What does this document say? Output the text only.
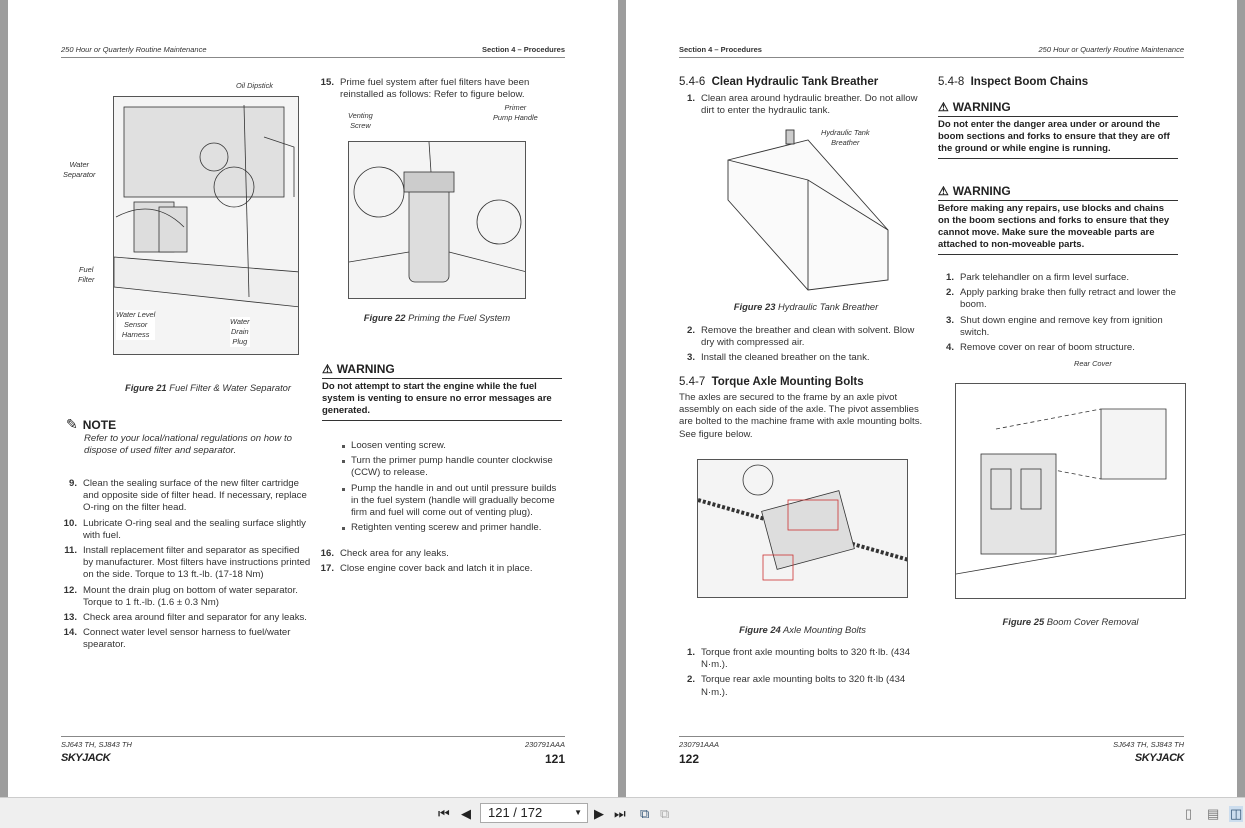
250 Hour or Quarterly Routine Maintenance	Section 4 – Procedures
Oil Dipstick
Water
Separator
Fuel
Filter
Water Level
Sensor
Harness
Water
Drain
Plug
Figure 21 Fuel Filter & Water Separator
✎ NOTE
Refer to your local/national regulations on how to dispose of used filter and separator.
9. Clean the sealing surface of the new filter cartridge and opposite side of filter head. If necessary, replace O-ring on the filter head.
10. Lubricate O-ring seal and the sealing surface slightly with fuel.
11. Install replacement filter and separator as specified by manufacturer. Most filters have instructions printed on the side. Torque to 13 ft.-lb. (17-18 Nm)
12. Mount the drain plug on bottom of water separator. Torque to 1 ft.-lb. (1.6 ± 0.3 Nm)
13. Check area around filter and separator for any leaks.
14. Connect water level sensor harness to fuel/water spearator.
15. Prime fuel system after fuel filters have been reinstalled as follows: Refer to figure below.
Venting
Screw
Primer
Pump Handle
Figure 22 Priming the Fuel System
⚠ WARNING
Do not attempt to start the engine while the fuel system is venting to ensure no error messages are generated.
Loosen venting screw.
Turn the primer pump handle counter clockwise (CCW) to release.
Pump the handle in and out until pressure builds in the fuel system (handle will gradually become firm and fuel will come out of venting plug).
Retighten venting scerew and primer handle.
16. Check area for any leaks.
17. Close engine cover back and latch it in place.
SJ643 TH, SJ843 TH	230791AAA
SKYJACK	121
Section 4 – Procedures	250 Hour or Quarterly Routine Maintenance
5.4-6 Clean Hydraulic Tank Breather
1. Clean area around hydraulic breather. Do not allow dirt to enter the hydraulic tank.
Hydraulic Tank
Breather
Figure 23 Hydraulic Tank Breather
2. Remove the breather and clean with solvent. Blow dry with compressed air.
3. Install the cleaned breather on the tank.
5.4-7 Torque Axle Mounting Bolts
The axles are secured to the frame by an axle pivot assembly on each side of the axle. The pivot assemblies are bolted to the machine frame with axle mounting bolts. See figure below.
Figure 24 Axle Mounting Bolts
1. Torque front axle mounting bolts to 320 ft·lb. (434 N·m.).
2. Torque rear axle mounting bolts to 320 ft·lb (434 N·m.).
5.4-8 Inspect Boom Chains
⚠ WARNING
Do not enter the danger area under or around the boom sections and forks to ensure that they are off the ground or while engine is running.
⚠ WARNING
Before making any repairs, use blocks and chains on the boom sections and forks to ensure that they cannot move. Make sure the moveable parts are attached to non-moveable parts.
1. Park telehandler on a firm level surface.
2. Apply parking brake then fully retract and lower the boom.
3. Shut down engine and remove key from ignition switch.
4. Remove cover on rear of boom structure.
Rear Cover
Figure 25 Boom Cover Removal
230791AAA	SJ643 TH, SJ843 TH
122	SKYJACK
⏮ ◀	121 / 172	▼ ▶ ⏭ ⧉ ⧉	▯ ▤ ◫
